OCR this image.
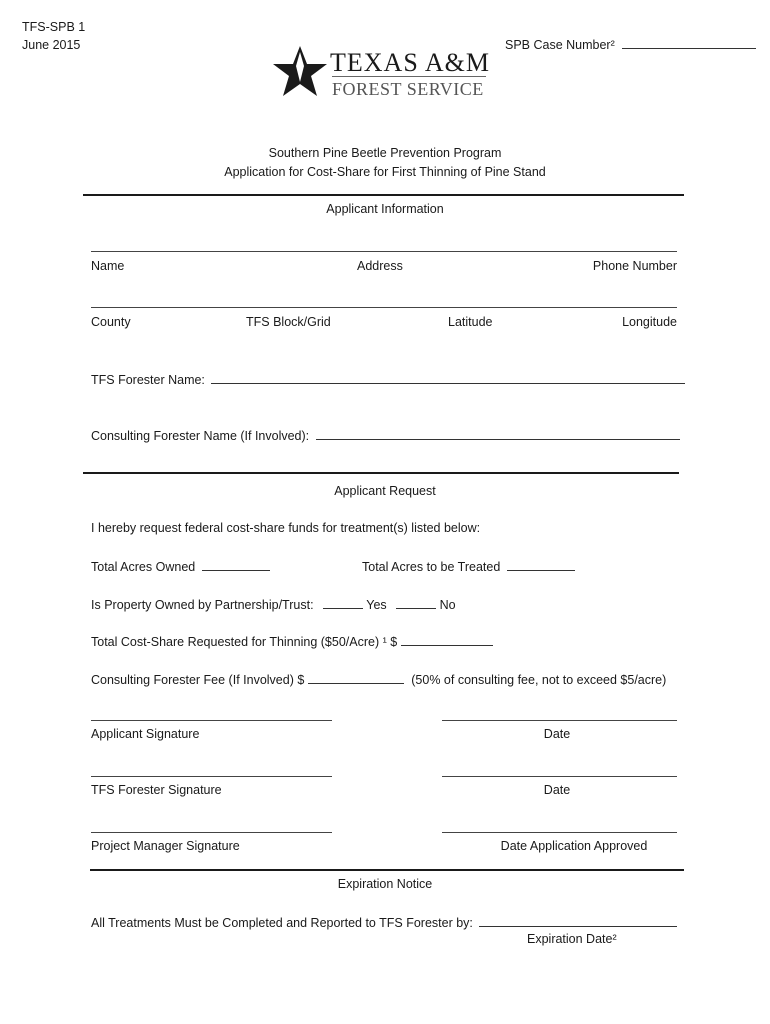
TFS-SPB 1
June 2015	SPB Case Number²
TEXAS A&M
FOREST SERVICE
Southern Pine Beetle Prevention Program
Application for Cost-Share for First Thinning of Pine Stand
Applicant Information
Name	Address	Phone Number
County	TFS Block/Grid	Latitude	Longitude
TFS Forester Name:
Consulting Forester Name (If Involved):
Applicant Request
I hereby request federal cost-share funds for treatment(s) listed below:
Total Acres Owned	Total Acres to be Treated
Is Property Owned by Partnership/Trust:	Yes	No
Total Cost-Share Requested for Thinning ($50/Acre) ¹ $
Consulting Forester Fee (If Involved) $	(50% of consulting fee, not to exceed $5/acre)
Applicant Signature	Date
TFS Forester Signature	Date
Project Manager Signature	Date Application Approved
Expiration Notice
All Treatments Must be Completed and Reported to TFS Forester by:
Expiration Date²
